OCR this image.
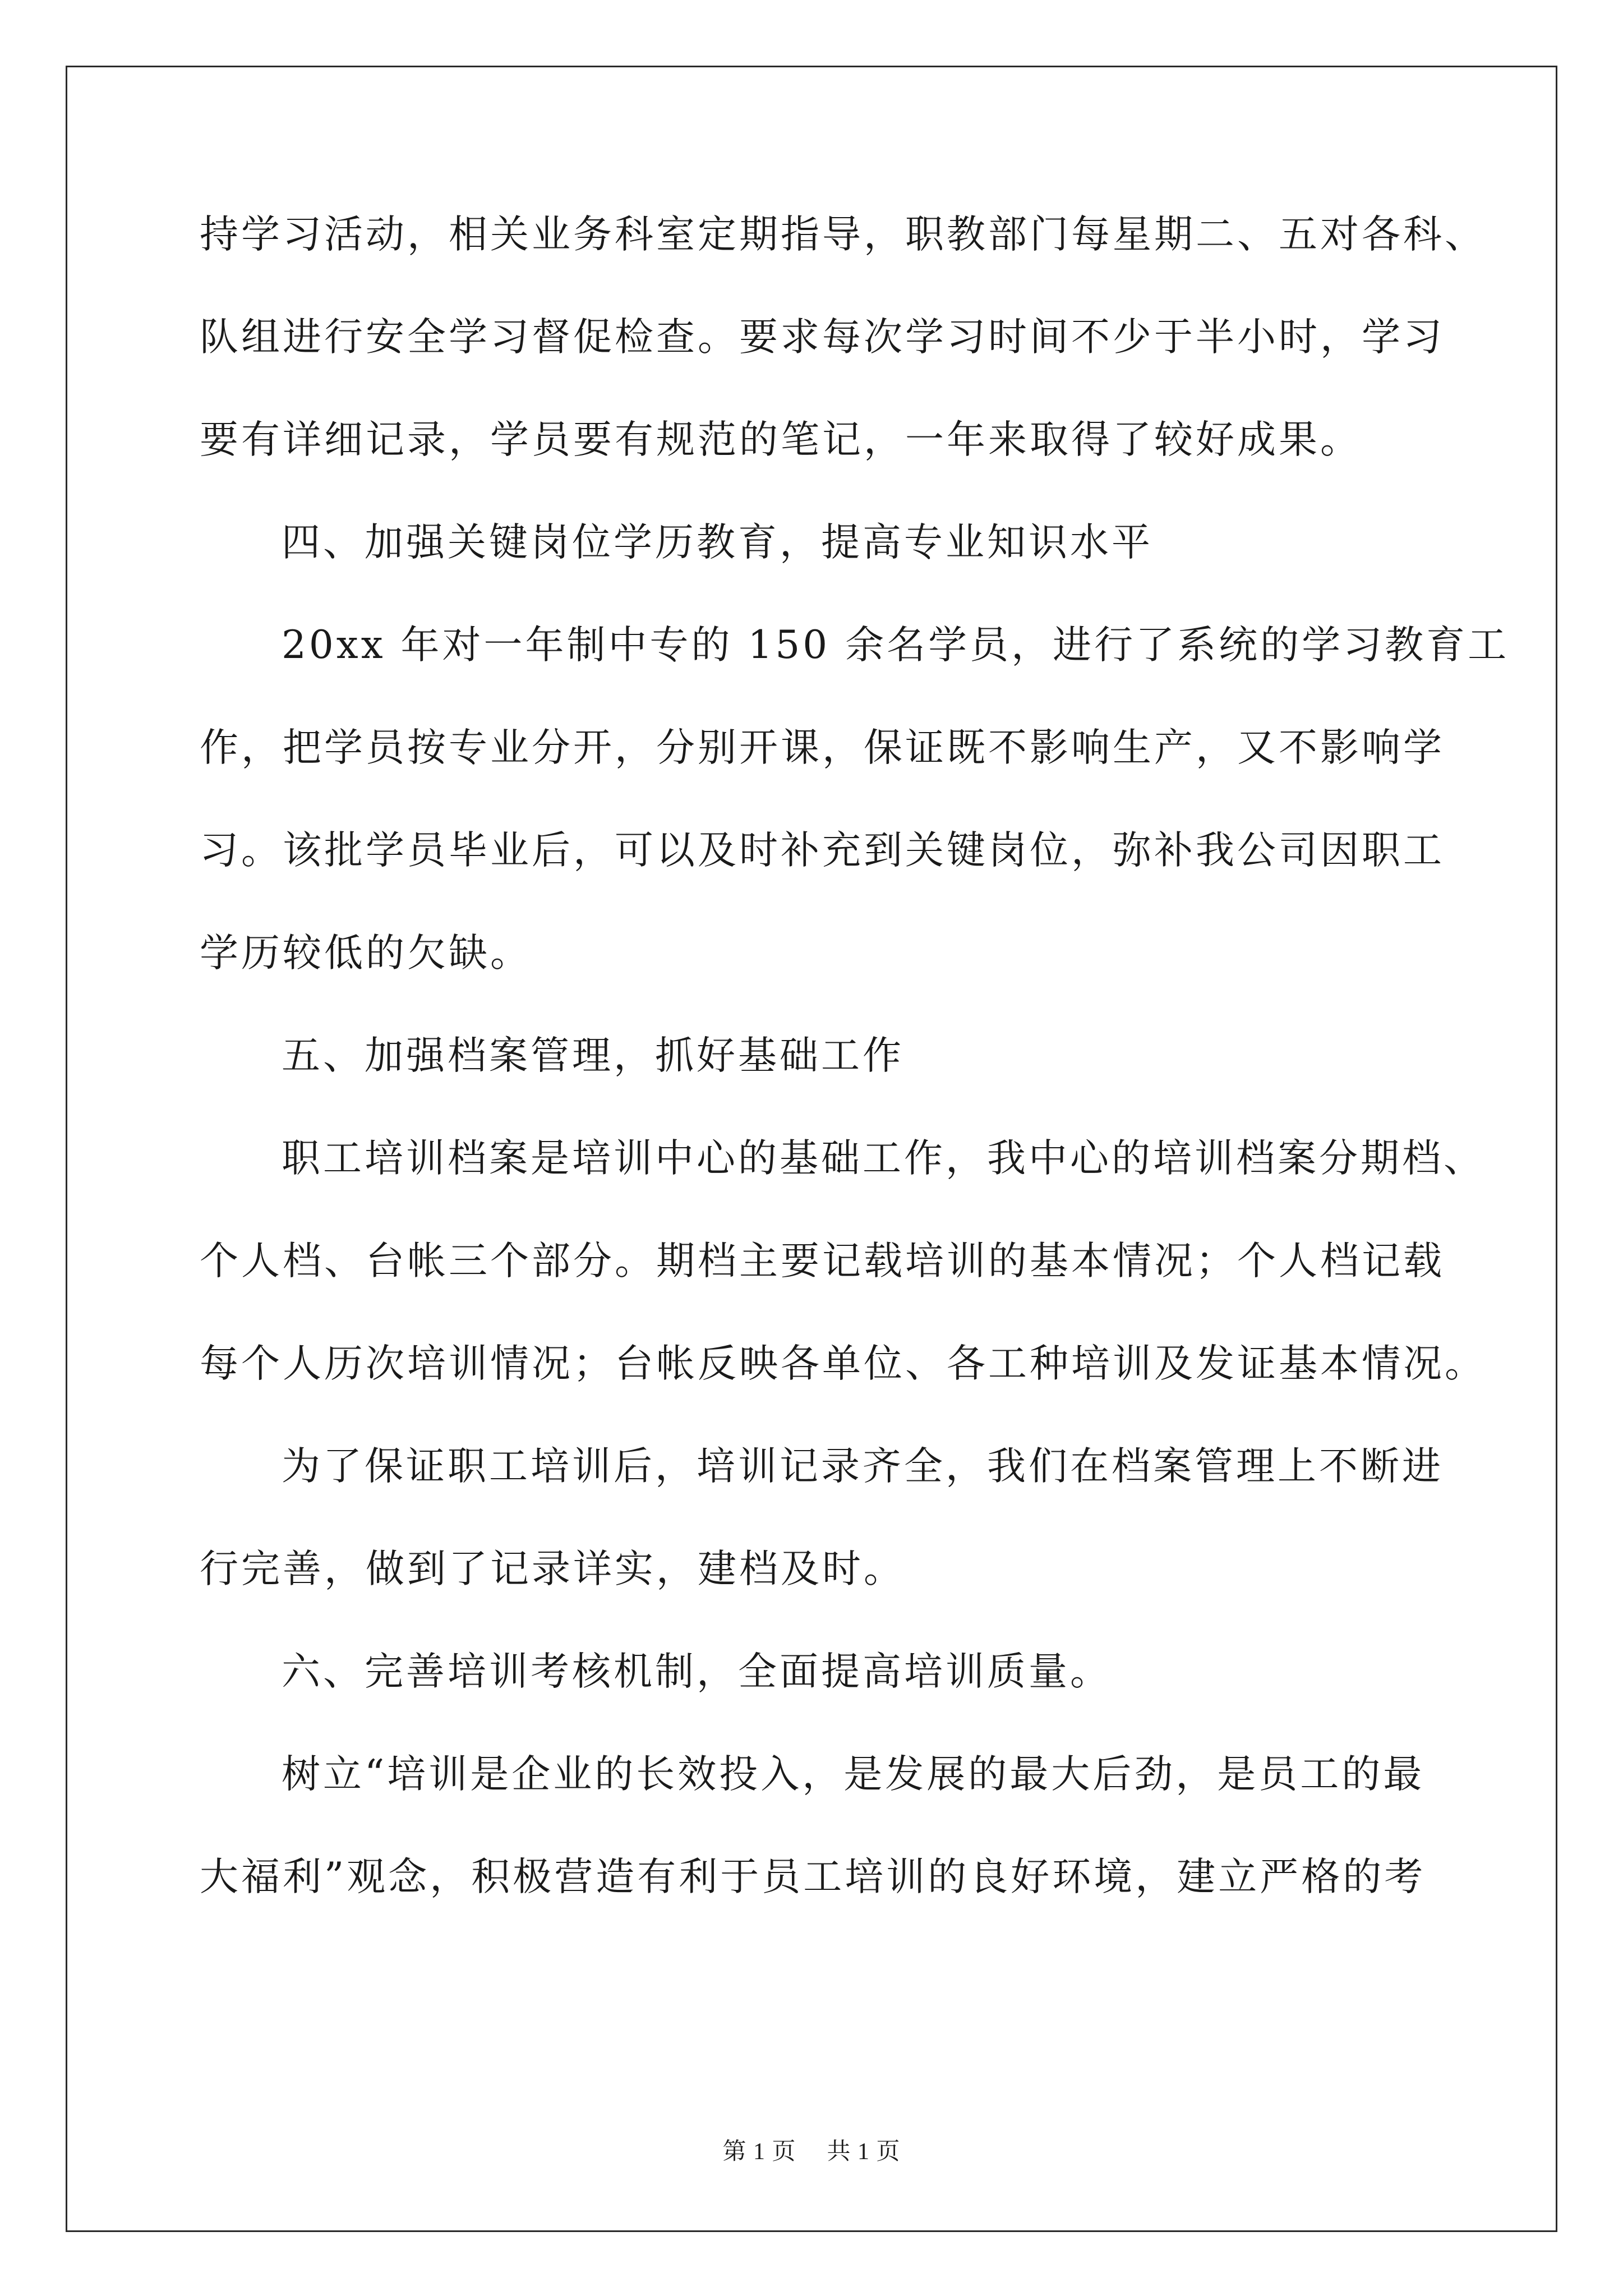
持学习活动，相关业务科室定期指导，职教部门每星期二、五对各科、
队组进行安全学习督促检查。要求每次学习时间不少于半小时，学习
要有详细记录，学员要有规范的笔记，一年来取得了较好成果。
四、加强关键岗位学历教育，提高专业知识水平
20xx 年对一年制中专的 150 余名学员，进行了系统的学习教育工
作，把学员按专业分开，分别开课，保证既不影响生产，又不影响学
习。该批学员毕业后，可以及时补充到关键岗位，弥补我公司因职工
学历较低的欠缺。
五、加强档案管理，抓好基础工作
职工培训档案是培训中心的基础工作，我中心的培训档案分期档、
个人档、台帐三个部分。期档主要记载培训的基本情况；个人档记载
每个人历次培训情况；台帐反映各单位、各工种培训及发证基本情况。
为了保证职工培训后，培训记录齐全，我们在档案管理上不断进
行完善，做到了记录详实，建档及时。
六、完善培训考核机制，全面提高培训质量。
树立“培训是企业的长效投入，是发展的最大后劲，是员工的最
大福利”观念，积极营造有利于员工培训的良好环境，建立严格的考
第 1 页 共 1 页
